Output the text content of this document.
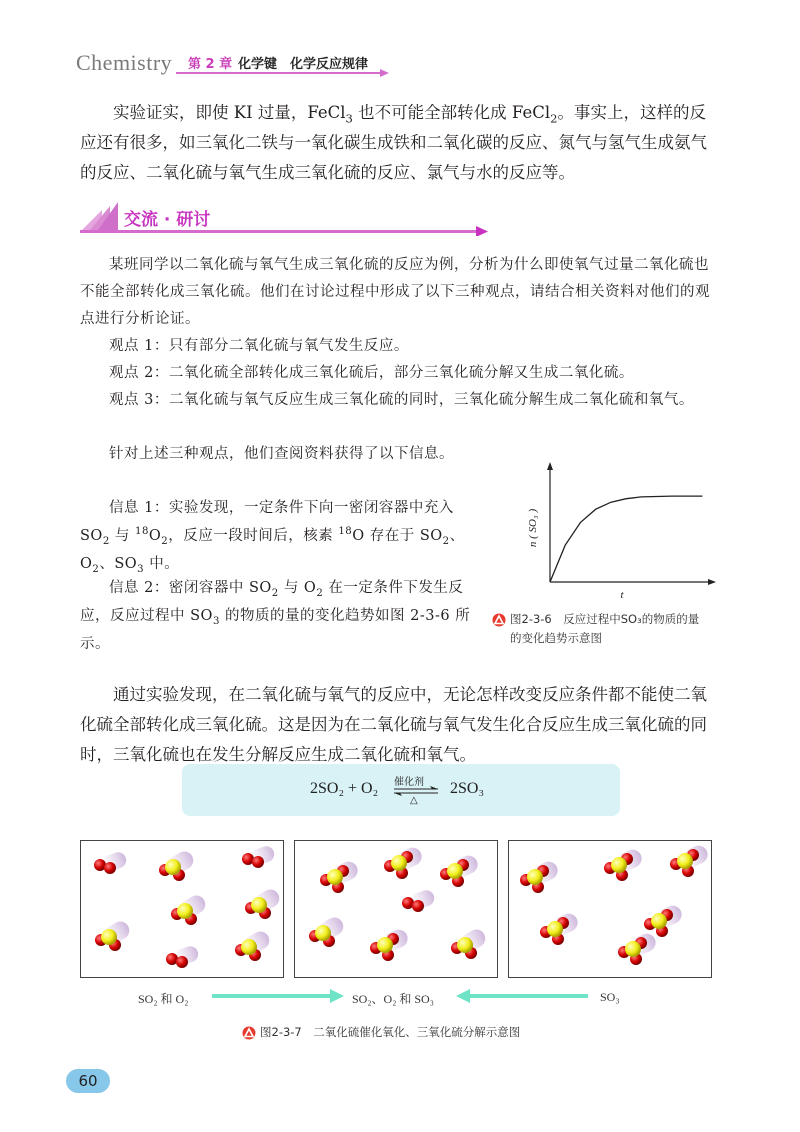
Chemistry 第 2 章 化学键　化学反应规律

实验证实，即使 KI 过量，FeCl$_3$ 也不可能全部转化成 FeCl$_2$。事实上，这样的反应还有很多，如三氧化二铁与一氧化碳生成铁和二氧化碳的反应、氮气与氢气生成氨气的反应、二氧化硫与氧气生成三氧化硫的反应、氯气与水的反应等。

交流 · 研讨

某班同学以二氧化硫与氧气生成三氧化硫的反应为例，分析为什么即使氧气过量二氧化硫也不能全部转化成三氧化硫。他们在讨论过程中形成了以下三种观点，请结合相关资料对他们的观点进行分析论证。

观点 1：只有部分二氧化硫与氧气发生反应。

观点 2：二氧化硫全部转化成三氧化硫后，部分三氧化硫分解又生成二氧化硫。

观点 3：二氧化硫与氧气反应生成三氧化硫的同时，三氧化硫分解生成二氧化硫和氧气。

针对上述三种观点，他们查阅资料获得了以下信息。

信息 1：实验发现，一定条件下向一密闭容器中充入 $SO_2$ 与 $^{18}O_2$，反应一段时间后，核素 $^{18}$O 存在于 $SO_2$、$O_2$、$SO_3$ 中。

信息 2：密闭容器中 $SO_2$ 与 $O_2$ 在一定条件下发生反应，反应过程中 $SO_3$ 的物质的量的变化趋势如图 2-3-6 所示。

n ( SO₃ )
t
图2-3-6　反应过程中SO₃的物质的量
的变化趋势示意图

通过实验发现，在二氧化硫与氧气的反应中，无论怎样改变反应条件都不能使二氧化硫全部转化成三氧化硫。这是因为在二氧化硫与氧气发生化合反应生成三氧化硫的同时，三氧化硫也在发生分解反应生成二氧化硫和氧气。

2SO₂ + O₂ 催化剂
△
2SO₃
SO₂ 和 O₂	SO₂、O₂ 和 SO₃	SO₃
图2-3-7　二氧化硫催化氧化、三氧化硫分解示意图
60
